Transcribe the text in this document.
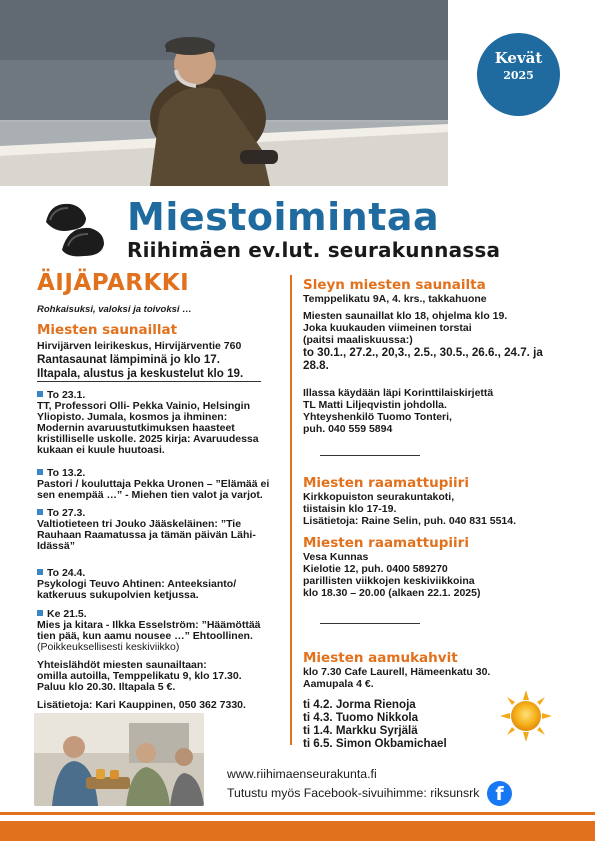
Kevät
2025
Miestoimintaa
Riihimäen ev.lut. seurakunnassa
ÄIJÄPARKKI
Rohkaisuksi, valoksi ja toivoksi …
Miesten saunaillat
Hirvijärven leirikeskus, Hirvijärventie 760
Rantasaunat lämpiminä jo klo 17.
Iltapala, alustus ja keskustelut klo 19.
To 23.1.
TT, Professori Olli- Pekka Vainio, Helsingin
Yliopisto. Jumala, kosmos ja ihminen:
Modernin avaruustutkimuksen haasteet
kristilliselle uskolle. 2025 kirja: Avaruudessa
kukaan ei kuule huutoasi.
To 13.2.
Pastori / kouluttaja Pekka Uronen – ”Elämää ei
sen enempää …” - Miehen tien valot ja varjot.
To 27.3.
Valtiotieteen tri Jouko Jääskeläinen: ”Tie
Rauhaan Raamatussa ja tämän päivän Lähi-
Idässä”
To 24.4.
Psykologi Teuvo Ahtinen: Anteeksianto/
katkeruus sukupolvien ketjussa.
Ke 21.5.
Mies ja kitara - Ilkka Esselström: ”Häämöttää
tien pää, kun aamu nousee …” Ehtoollinen.
(Poikkeuksellisesti keskiviikko)
Yhteislähdöt miesten saunailtaan:
omilla autoilla, Temppelikatu 9, klo 17.30.
Paluu klo 20.30. Iltapala 5 €.
Lisätietoja: Kari Kauppinen, 050 362 7330.
Sleyn miesten saunailta
Temppelikatu 9A, 4. krs., takkahuone
Miesten saunaillat klo 18, ohjelma klo 19.
Joka kuukauden viimeinen torstai
(paitsi maaliskuussa:)
to 30.1., 27.2., 20,3., 2.5., 30.5., 26.6., 24.7. ja
28.8.
Illassa käydään läpi Korinttilaiskirjettä
TL Matti Liljeqvistin johdolla.
Yhteyshenkilö Tuomo Tonteri,
puh. 040 559 5894
Miesten raamattupiiri
Kirkkopuiston seurakuntakoti,
tiistaisin klo 17-19.
Lisätietoja: Raine Selin, puh. 040 831 5514.
Miesten raamattupiiri
Vesa Kunnas
Kielotie 12, puh. 0400 589270
parillisten viikkojen keskiviikkoina
klo 18.30 – 20.00 (alkaen 22.1. 2025)
Miesten aamukahvit
klo 7.30 Cafe Laurell, Hämeenkatu 30.
Aamupala 4 €.
ti 4.2. Jorma Rienoja
ti 4.3. Tuomo Nikkola
ti 1.4. Markku Syrjälä
ti 6.5. Simon Okbamichael
www.riihimaenseurakunta.fi
Tutustu myös Facebook-sivuihimme: riksunsrk f
